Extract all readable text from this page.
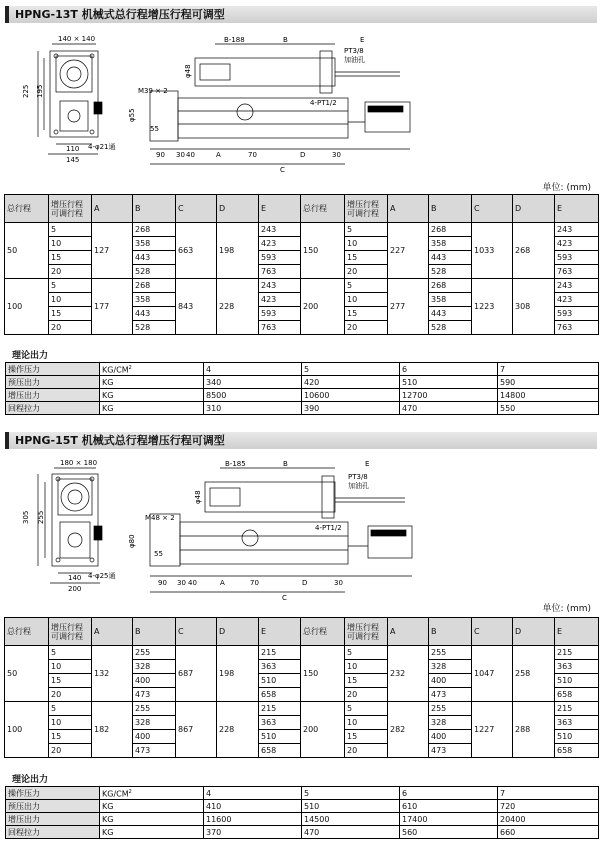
HPNG-13T 机械式总行程增压行程可调型
140 × 140
225 195
110
145
4-φ21通
B-188	B	E
PT3/8
加油孔
φ48
M39 × 2
φ55
55
4-PT1/2
90 30 40	A	70	D	30
C
单位: (mm)
总行程	增压行程 可调行程	A	B	C	D	E	总行程	增压行程 可调行程	A	B	C	D	E
50	5	127	268	663	198	243	150	5	227	268	1033	268	243
	10		358			423		10		358			423
	15		443			593		15		443			593
	20		528			763		20		528			763
100	5	177	268	843	228	243	200	5	277	268	1223	308	243
	10		358			423		10		358			423
	15		443			593		15		443			593
	20		528			763		20		528			763
理论出力
操作压力	$KG/CM^2$	4	5	6	7
预压出力	KG	340	420	510	590
增压出力	KG	8500	10600	12700	14800
回程拉力	KG	310	390	470	550
HPNG-15T 机械式总行程增压行程可调型
180 × 180
305 255
140
200
4-φ25通
B-185	B	E
PT3/8
加油孔
φ48
M48 × 2
φ80
55
4-PT1/2
90 30 40	A	70	D	30
C
单位: (mm)
总行程	增压行程 可调行程	A	B	C	D	E	总行程	增压行程 可调行程	A	B	C	D	E
50	5	132	255	687	198	215	150	5	232	255	1047	258	215
	10		328			363		10		328			363
	15		400			510		15		400			510
	20		473			658		20		473			658
100	5	182	255	867	228	215	200	5	282	255	1227	288	215
	10		328			363		10		328			363
	15		400			510		15		400			510
	20		473			658		20		473			658
理论出力
操作压力	$KG/CM^2$	4	5	6	7
预压出力	KG	410	510	610	720
增压出力	KG	11600	14500	17400	20400
回程拉力	KG	370	470	560	660
